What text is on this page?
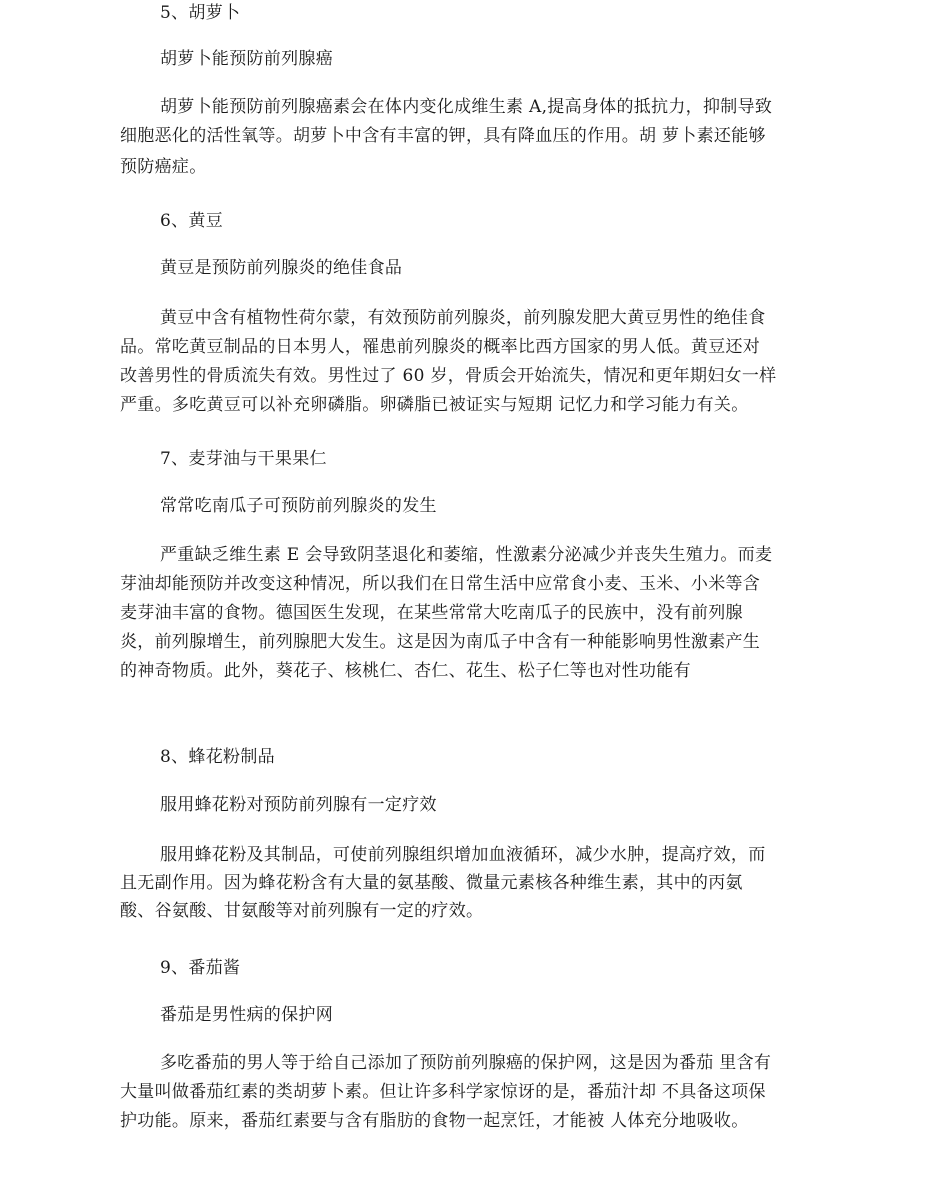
5、胡萝卜
胡萝卜能预防前列腺癌
胡萝卜能预防前列腺癌素会在体内变化成维生素 A,提高身体的抵抗力，抑制导致
细胞恶化的活性氧等。胡萝卜中含有丰富的钾，具有降血压的作用。胡 萝卜素还能够
预防癌症。
6、黄豆
黄豆是预防前列腺炎的绝佳食品
黄豆中含有植物性荷尔蒙，有效预防前列腺炎，前列腺发肥大黄豆男性的绝佳食
品。常吃黄豆制品的日本男人，罹患前列腺炎的概率比西方国家的男人低。黄豆还对
改善男性的骨质流失有效。男性过了 60 岁，骨质会开始流失，情况和更年期妇女一样
严重。多吃黄豆可以补充卵磷脂。卵磷脂已被证实与短期 记忆力和学习能力有关。
7、麦芽油与干果果仁
常常吃南瓜子可预防前列腺炎的发生
严重缺乏维生素 E 会导致阴茎退化和萎缩，性激素分泌减少并丧失生殖力。而麦
芽油却能预防并改变这种情况，所以我们在日常生活中应常食小麦、玉米、小米等含
麦芽油丰富的食物。德国医生发现，在某些常常大吃南瓜子的民族中，没有前列腺
炎，前列腺增生，前列腺肥大发生。这是因为南瓜子中含有一种能影响男性激素产生
的神奇物质。此外，葵花子、核桃仁、杏仁、花生、松子仁等也对性功能有
8、蜂花粉制品
服用蜂花粉对预防前列腺有一定疗效
服用蜂花粉及其制品，可使前列腺组织增加血液循环，减少水肿，提高疗效，而
且无副作用。因为蜂花粉含有大量的氨基酸、微量元素核各种维生素，其中的丙氨
酸、谷氨酸、甘氨酸等对前列腺有一定的疗效。
9、番茄酱
番茄是男性病的保护网
多吃番茄的男人等于给自己添加了预防前列腺癌的保护网，这是因为番茄 里含有
大量叫做番茄红素的类胡萝卜素。但让许多科学家惊讶的是，番茄汁却 不具备这项保
护功能。原来，番茄红素要与含有脂肪的食物一起烹饪，才能被 人体充分地吸收。
